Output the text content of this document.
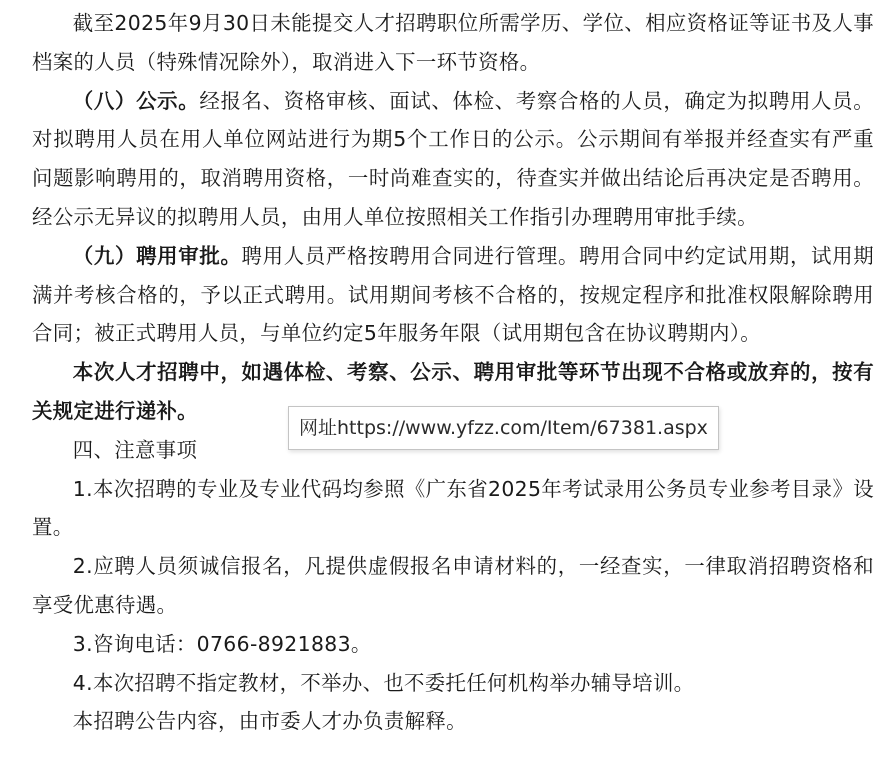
截至2025年9月30日未能提交人才招聘职位所需学历、学位、相应资格证等证书及人事档案的人员（特殊情况除外），取消进入下一环节资格。

（八）公示。经报名、资格审核、面试、体检、考察合格的人员，确定为拟聘用人员。对拟聘用人员在用人单位网站进行为期5个工作日的公示。公示期间有举报并经查实有严重问题影响聘用的，取消聘用资格，一时尚难查实的，待查实并做出结论后再决定是否聘用。经公示无异议的拟聘用人员，由用人单位按照相关工作指引办理聘用审批手续。

（九）聘用审批。聘用人员严格按聘用合同进行管理。聘用合同中约定试用期，试用期满并考核合格的，予以正式聘用。试用期间考核不合格的，按规定程序和批准权限解除聘用合同；被正式聘用人员，与单位约定5年服务年限（试用期包含在协议聘期内）。

本次人才招聘中，如遇体检、考察、公示、聘用审批等环节出现不合格或放弃的，按有关规定进行递补。

四、注意事项

1.本次招聘的专业及专业代码均参照《广东省2025年考试录用公务员专业参考目录》设置。

2.应聘人员须诚信报名，凡提供虚假报名申请材料的，一经查实，一律取消招聘资格和享受优惠待遇。

3.咨询电话：0766-8921883。

4.本次招聘不指定教材，不举办、也不委托任何机构举办辅导培训。

本招聘公告内容，由市委人才办负责解释。

网址https://www.yfzz.com/Item/67381.aspx
